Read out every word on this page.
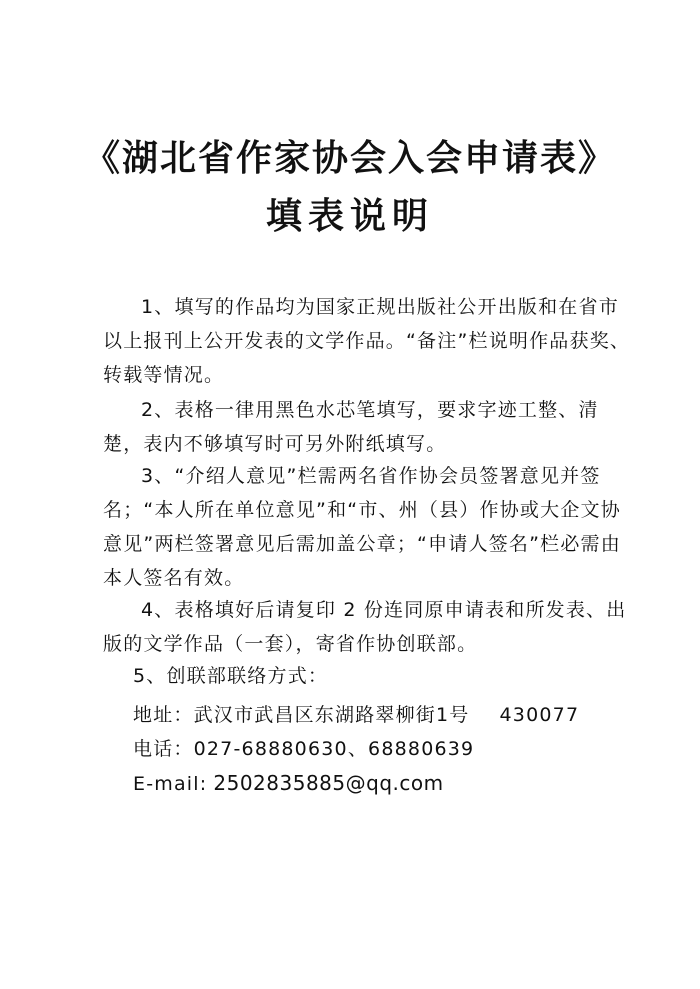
《湖北省作家协会入会申请表》
填表说明

1、填写的作品均为国家正规出版社公开出版和在省市以上报刊上公开发表的文学作品。“备注”栏说明作品获奖、转载等情况。

2、表格一律用黑色水芯笔填写，要求字迹工整、清楚，表内不够填写时可另外附纸填写。

3、“介绍人意见”栏需两名省作协会员签署意见并签名；“本人所在单位意见”和“市、州（县）作协或大企文协意见”两栏签署意见后需加盖公章；“申请人签名”栏必需由本人签名有效。

4、表格填好后请复印 2 份连同原申请表和所发表、出版的文学作品（一套），寄省作协创联部。

5、创联部联络方式：
地址：武汉市武昌区东湖路翠柳街1号 430077
电话：027-68880630、68880639
E-mail: 2502835885@qq.com
